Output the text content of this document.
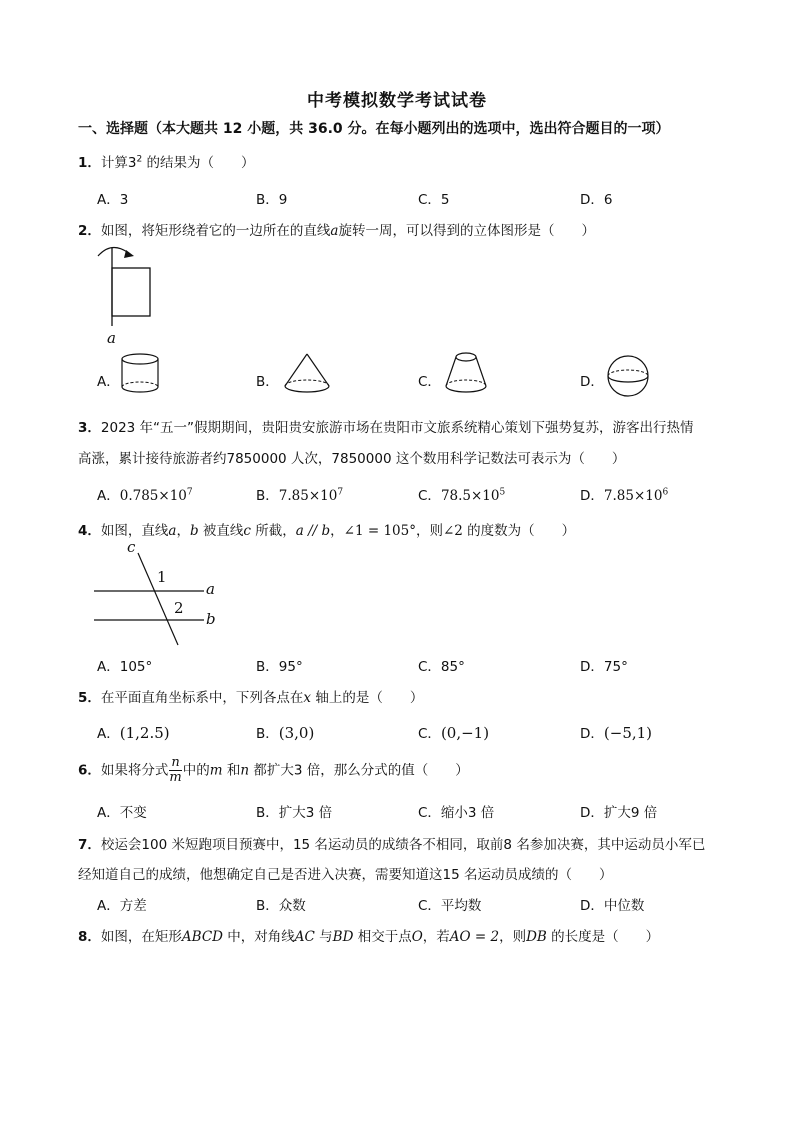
中考模拟数学考试试卷
一、选择题（本大题共 12 小题，共 36.0 分。在每小题列出的选项中，选出符合题目的一项）
1．计算$3^2$ 的结果为（　　）
A．3	B．9	C．5	D．6
2．如图，将矩形绕着它的一边所在的直线a旋转一周，可以得到的立体图形是（　　）
a
A．	B．	C．	D．
3．2023 年“五一”假期期间，贵阳贵安旅游市场在贵阳市文旅系统精心策划下强势复苏，游客出行热情
高涨，累计接待旅游者约7850000 人次，7850000 这个数用科学记数法可表示为（　　）
A．$0.785\times 10^7$	B．$7.85\times 10^7$	C．$78.5\times 10^5$	D．$7.85\times 10^6$
4．如图，直线a，b 被直线c 所截，a // b，∠1 = 105°，则∠2 的度数为（　　）
c
1
2
a
b
A．105°	B．95°	C．85°	D．75°
5．在平面直角坐标系中，下列各点在x 轴上的是（　　）
A．(1,2.5)	B．(3,0)	C．(0,−1)	D．(−5,1)
6．如果将分式 $\frac{n}{m}$ 中的m 和n 都扩大3 倍，那么分式的值（　　）
A．不变	B．扩大3 倍	C．缩小3 倍	D．扩大9 倍
7．校运会100 米短跑项目预赛中，15 名运动员的成绩各不相同，取前8 名参加决赛，其中运动员小军已
经知道自己的成绩，他想确定自己是否进入决赛，需要知道这15 名运动员成绩的（　　）
A．方差	B．众数	C．平均数	D．中位数
8．如图，在矩形ABCD 中，对角线AC 与BD 相交于点O，若AO = 2，则DB 的长度是（　　）
